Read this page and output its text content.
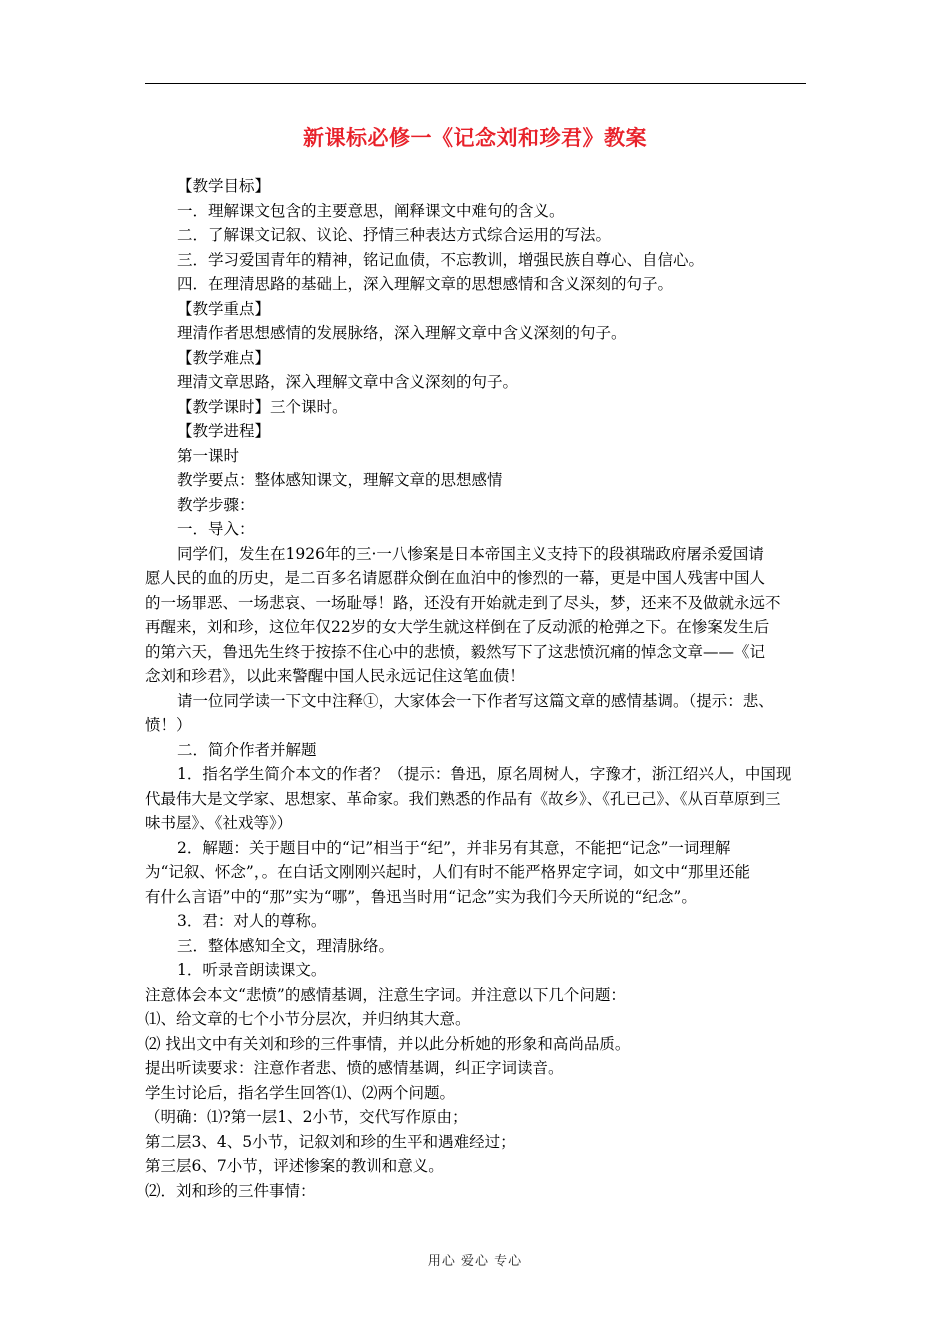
新课标必修一《记念刘和珍君》教案
【教学目标】
一．理解课文包含的主要意思，阐释课文中难句的含义。
二．了解课文记叙、议论、抒情三种表达方式综合运用的写法。
三．学习爱国青年的精神，铭记血债，不忘教训，增强民族自尊心、自信心。
四．在理清思路的基础上，深入理解文章的思想感情和含义深刻的句子。
【教学重点】
理清作者思想感情的发展脉络，深入理解文章中含义深刻的句子。
【教学难点】
理清文章思路，深入理解文章中含义深刻的句子。
【教学课时】三个课时。
【教学进程】
第一课时
教学要点：整体感知课文，理解文章的思想感情
教学步骤：
一．导入：
同学们，发生在1926年的三·一八惨案是日本帝国主义支持下的段祺瑞政府屠杀爱国请
愿人民的血的历史，是二百多名请愿群众倒在血泊中的惨烈的一幕，更是中国人残害中国人
的一场罪恶、一场悲哀、一场耻辱！路，还没有开始就走到了尽头，梦，还来不及做就永远不
再醒来，刘和珍，这位年仅22岁的女大学生就这样倒在了反动派的枪弹之下。在惨案发生后
的第六天，鲁迅先生终于按捺不住心中的悲愤，毅然写下了这悲愤沉痛的悼念文章——《记
念刘和珍君》，以此来警醒中国人民永远记住这笔血债！
请一位同学读一下文中注释①，大家体会一下作者写这篇文章的感情基调。（提示：悲、
愤！）
二．简介作者并解题
1．指名学生简介本文的作者？（提示：鲁迅，原名周树人，字豫才，浙江绍兴人，中国现
代最伟大是文学家、思想家、革命家。我们熟悉的作品有《故乡》、《孔已己》、《从百草原到三
味书屋》、《社戏等》）
2．解题：关于题目中的“记”相当于“纪”，并非另有其意，不能把“记念”一词理解
为“记叙、怀念”，。在白话文刚刚兴起时，人们有时不能严格界定字词，如文中“那里还能
有什么言语”中的“那”实为“哪”，鲁迅当时用“记念”实为我们今天所说的“纪念”。
3．君：对人的尊称。
三．整体感知全文，理清脉络。
1．听录音朗读课文。
注意体会本文“悲愤”的感情基调，注意生字词。并注意以下几个问题：
⑴、给文章的七个小节分层次，并归纳其大意。
⑵ 找出文中有关刘和珍的三件事情，并以此分析她的形象和高尚品质。
提出听读要求：注意作者悲、愤的感情基调，纠正字词读音。
学生讨论后，指名学生回答⑴、⑵两个问题。
（明确：⑴?第一层1、2小节，交代写作原由；
第二层3、4、5小节，记叙刘和珍的生平和遇难经过；
第三层6、7小节，评述惨案的教训和意义。
⑵．刘和珍的三件事情：
用心 爱心 专心
